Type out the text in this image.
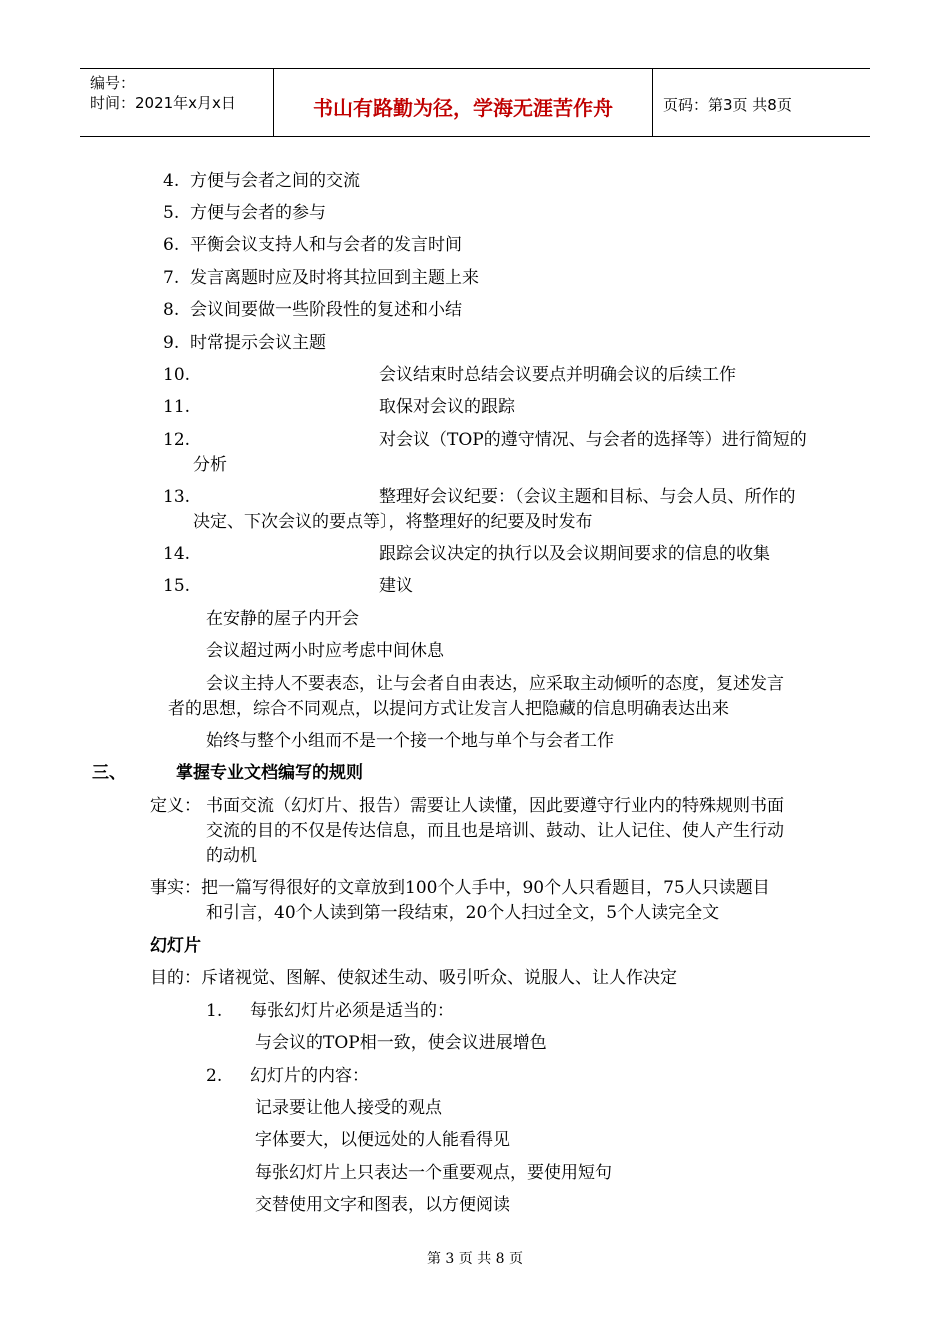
编号：
时间：2021年x月x日	书山有路勤为径，学海无涯苦作舟	页码：第3页 共8页
4. 方便与会者之间的交流
5. 方便与会者的参与
6. 平衡会议支持人和与会者的发言时间
7. 发言离题时应及时将其拉回到主题上来
8. 会议间要做一些阶段性的复述和小结
9. 时常提示会议主题
10.	会议结束时总结会议要点并明确会议的后续工作
11.	取保对会议的跟踪
12.	对会议（TOP的遵守情况、与会者的选择等）进行简短的
分析
13.	整理好会议纪要：（会议主题和目标、与会人员、所作的
决定、下次会议的要点等〕，将整理好的纪要及时发布
14.	跟踪会议决定的执行以及会议期间要求的信息的收集
15.	建议
在安静的屋子内开会
会议超过两小时应考虑中间休息
会议主持人不要表态，让与会者自由表达，应采取主动倾听的态度，复述发言
者的思想，综合不同观点，以提问方式让发言人把隐藏的信息明确表达出来
始终与整个小组而不是一个接一个地与单个与会者工作
三、	掌握专业文档编写的规则
定义： 书面交流（幻灯片、报告）需要让人读懂，因此要遵守行业内的特殊规则书面
交流的目的不仅是传达信息，而且也是培训、鼓动、让人记住、使人产生行动
的动机
事实：把一篇写得很好的文章放到100个人手中，90个人只看题目，75人只读题目
和引言，40个人读到第一段结束，20个人扫过全文，5个人读完全文
幻灯片
目的：斥诸视觉、图解、使叙述生动、吸引听众、说服人、让人作决定
1. 每张幻灯片必须是适当的：
与会议的TOP相一致，使会议进展增色
2. 幻灯片的内容：
记录要让他人接受的观点
字体要大，以便远处的人能看得见
每张幻灯片上只表达一个重要观点，要使用短句
交替使用文字和图表，以方便阅读
第 3 页 共 8 页
